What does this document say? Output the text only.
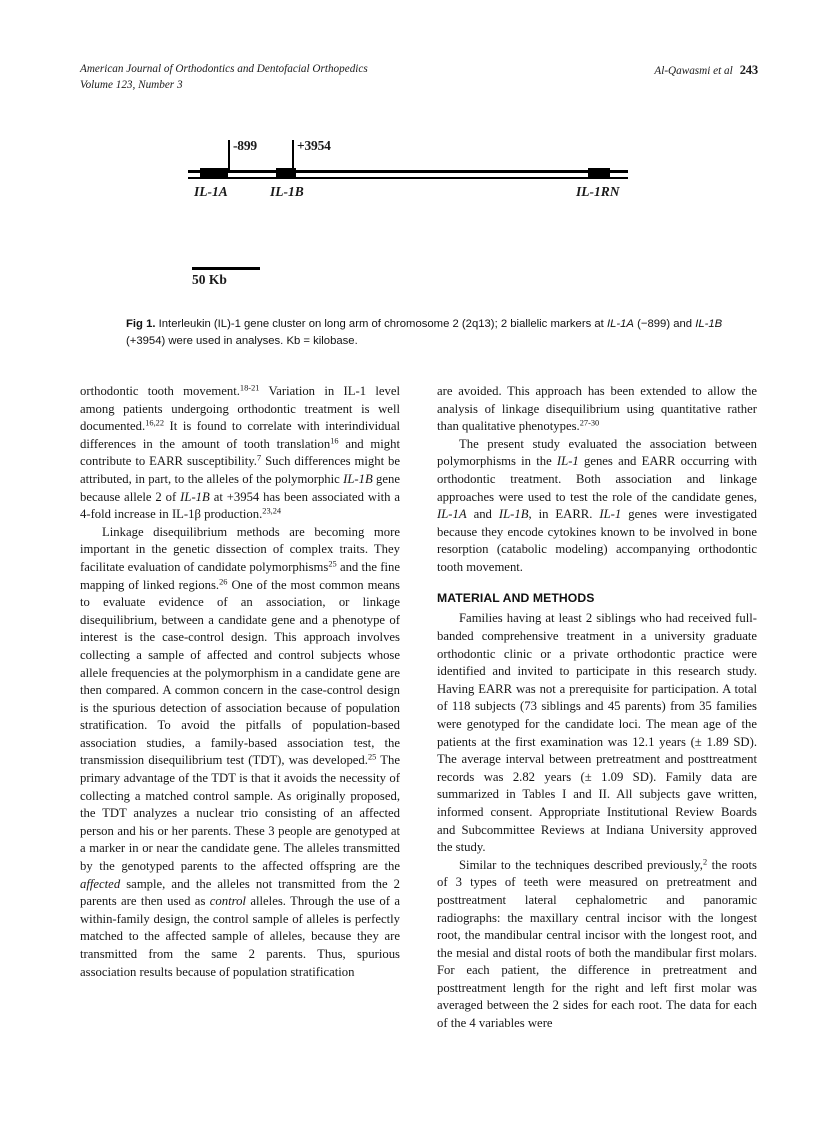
American Journal of Orthodontics and Dentofacial Orthopedics
Volume 123, Number 3
Al-Qawasmi et al 243
-899	+3954
IL-1A	IL-1B	IL-1RN
50 Kb
Fig 1. Interleukin (IL)-1 gene cluster on long arm of chromosome 2 (2q13); 2 biallelic markers at IL-1A (−899) and IL-1B (+3954) were used in analyses. Kb = kilobase.

orthodontic tooth movement.$^{18-21}$ Variation in IL-1 level among patients undergoing orthodontic treatment is well documented.$^{16,22}$ It is found to correlate with interindividual differences in the amount of tooth translation$^{16}$ and might contribute to EARR susceptibility.$^7$ Such differences might be attributed, in part, to the alleles of the polymorphic IL-1B gene because allele 2 of IL-1B at +3954 has been associated with a 4-fold increase in IL-1β production.$^{23,24}$

Linkage disequilibrium methods are becoming more important in the genetic dissection of complex traits. They facilitate evaluation of candidate polymorphisms$^{25}$ and the fine mapping of linked regions.$^{26}$ One of the most common means to evaluate evidence of an association, or linkage disequilibrium, between a candidate gene and a phenotype of interest is the case-control design. This approach involves collecting a sample of affected and control subjects whose allele frequencies at the polymorphism in a candidate gene are then compared. A common concern in the case-control design is the spurious detection of association because of population stratification. To avoid the pitfalls of population-based association studies, a family-based association test, the transmission disequilibrium test (TDT), was developed.$^{25}$ The primary advantage of the TDT is that it avoids the necessity of collecting a matched control sample. As originally proposed, the TDT analyzes a nuclear trio consisting of an affected person and his or her parents. These 3 people are genotyped at a marker in or near the candidate gene. The alleles transmitted by the genotyped parents to the affected offspring are the affected sample, and the alleles not transmitted from the 2 parents are then used as control alleles. Through the use of a within-family design, the control sample of alleles is perfectly matched to the affected sample of alleles, because they are transmitted from the same 2 parents. Thus, spurious association results because of population stratification

are avoided. This approach has been extended to allow the analysis of linkage disequilibrium using quantitative rather than qualitative phenotypes.$^{27-30}$

The present study evaluated the association between polymorphisms in the IL-1 genes and EARR occurring with orthodontic treatment. Both association and linkage approaches were used to test the role of the candidate genes, IL-1A and IL-1B, in EARR. IL-1 genes were investigated because they encode cytokines known to be involved in bone resorption (catabolic modeling) accompanying orthodontic tooth movement.

MATERIAL AND METHODS

Families having at least 2 siblings who had received full-banded comprehensive treatment in a university graduate orthodontic clinic or a private orthodontic practice were identified and invited to participate in this research study. Having EARR was not a prerequisite for participation. A total of 118 subjects (73 siblings and 45 parents) from 35 families were genotyped for the candidate loci. The mean age of the patients at the first examination was 12.1 years (± 1.89 SD). The average interval between pretreatment and posttreatment records was 2.82 years (± 1.09 SD). Family data are summarized in Tables I and II. All subjects gave written, informed consent. Appropriate Institutional Review Boards and Subcommittee Reviews at Indiana University approved the study.

Similar to the techniques described previously,$^2$ the roots of 3 types of teeth were measured on pretreatment and posttreatment lateral cephalometric and panoramic radiographs: the maxillary central incisor with the longest root, the mandibular central incisor with the longest root, and the mesial and distal roots of both the mandibular first molars. For each patient, the difference in pretreatment and posttreatment length for the right and left first molar was averaged between the 2 sides for each root. The data for each of the 4 variables were
